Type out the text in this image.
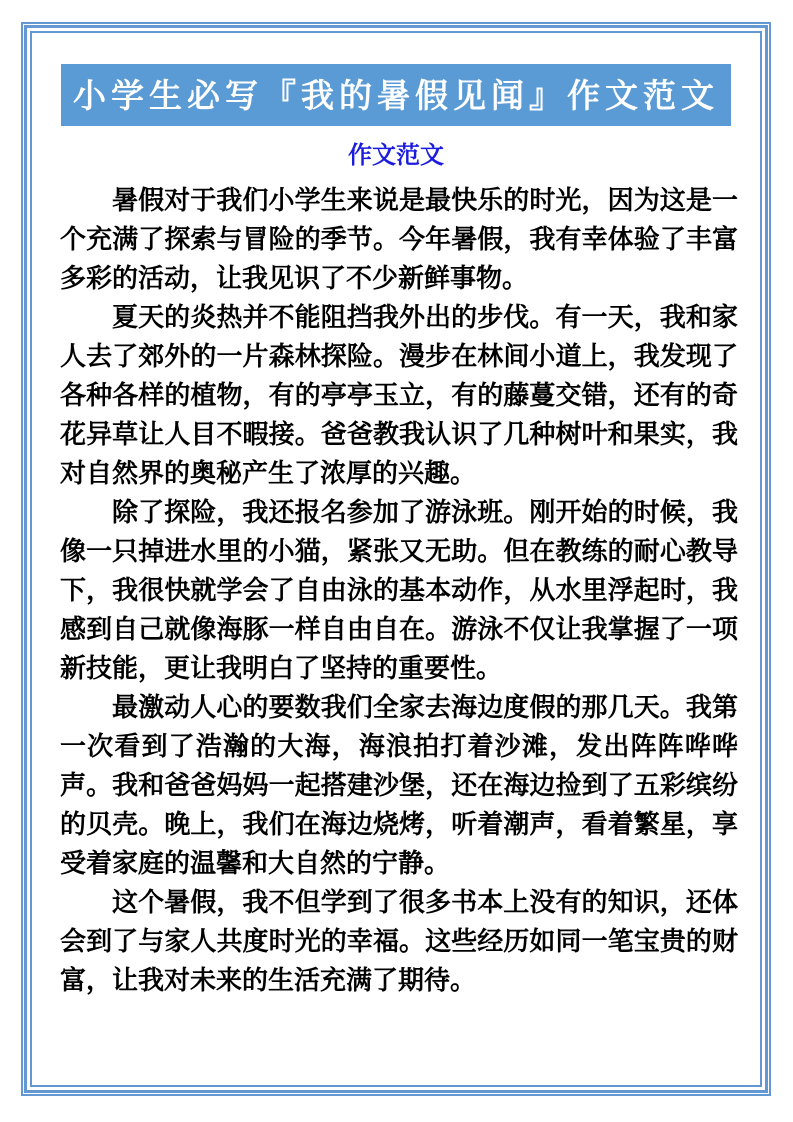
小学生必写『我的暑假见闻』作文范文
作文范文

暑假对于我们小学生来说是最快乐的时光，因为这是一个充满了探索与冒险的季节。今年暑假，我有幸体验了丰富多彩的活动，让我见识了不少新鲜事物。

夏天的炎热并不能阻挡我外出的步伐。有一天，我和家人去了郊外的一片森林探险。漫步在林间小道上，我发现了各种各样的植物，有的亭亭玉立，有的藤蔓交错，还有的奇花异草让人目不暇接。爸爸教我认识了几种树叶和果实，我对自然界的奥秘产生了浓厚的兴趣。

除了探险，我还报名参加了游泳班。刚开始的时候，我像一只掉进水里的小猫，紧张又无助。但在教练的耐心教导下，我很快就学会了自由泳的基本动作，从水里浮起时，我感到自己就像海豚一样自由自在。游泳不仅让我掌握了一项新技能，更让我明白了坚持的重要性。

最激动人心的要数我们全家去海边度假的那几天。我第一次看到了浩瀚的大海，海浪拍打着沙滩，发出阵阵哗哗声。我和爸爸妈妈一起搭建沙堡，还在海边捡到了五彩缤纷的贝壳。晚上，我们在海边烧烤，听着潮声，看着繁星，享受着家庭的温馨和大自然的宁静。

这个暑假，我不但学到了很多书本上没有的知识，还体会到了与家人共度时光的幸福。这些经历如同一笔宝贵的财富，让我对未来的生活充满了期待。
